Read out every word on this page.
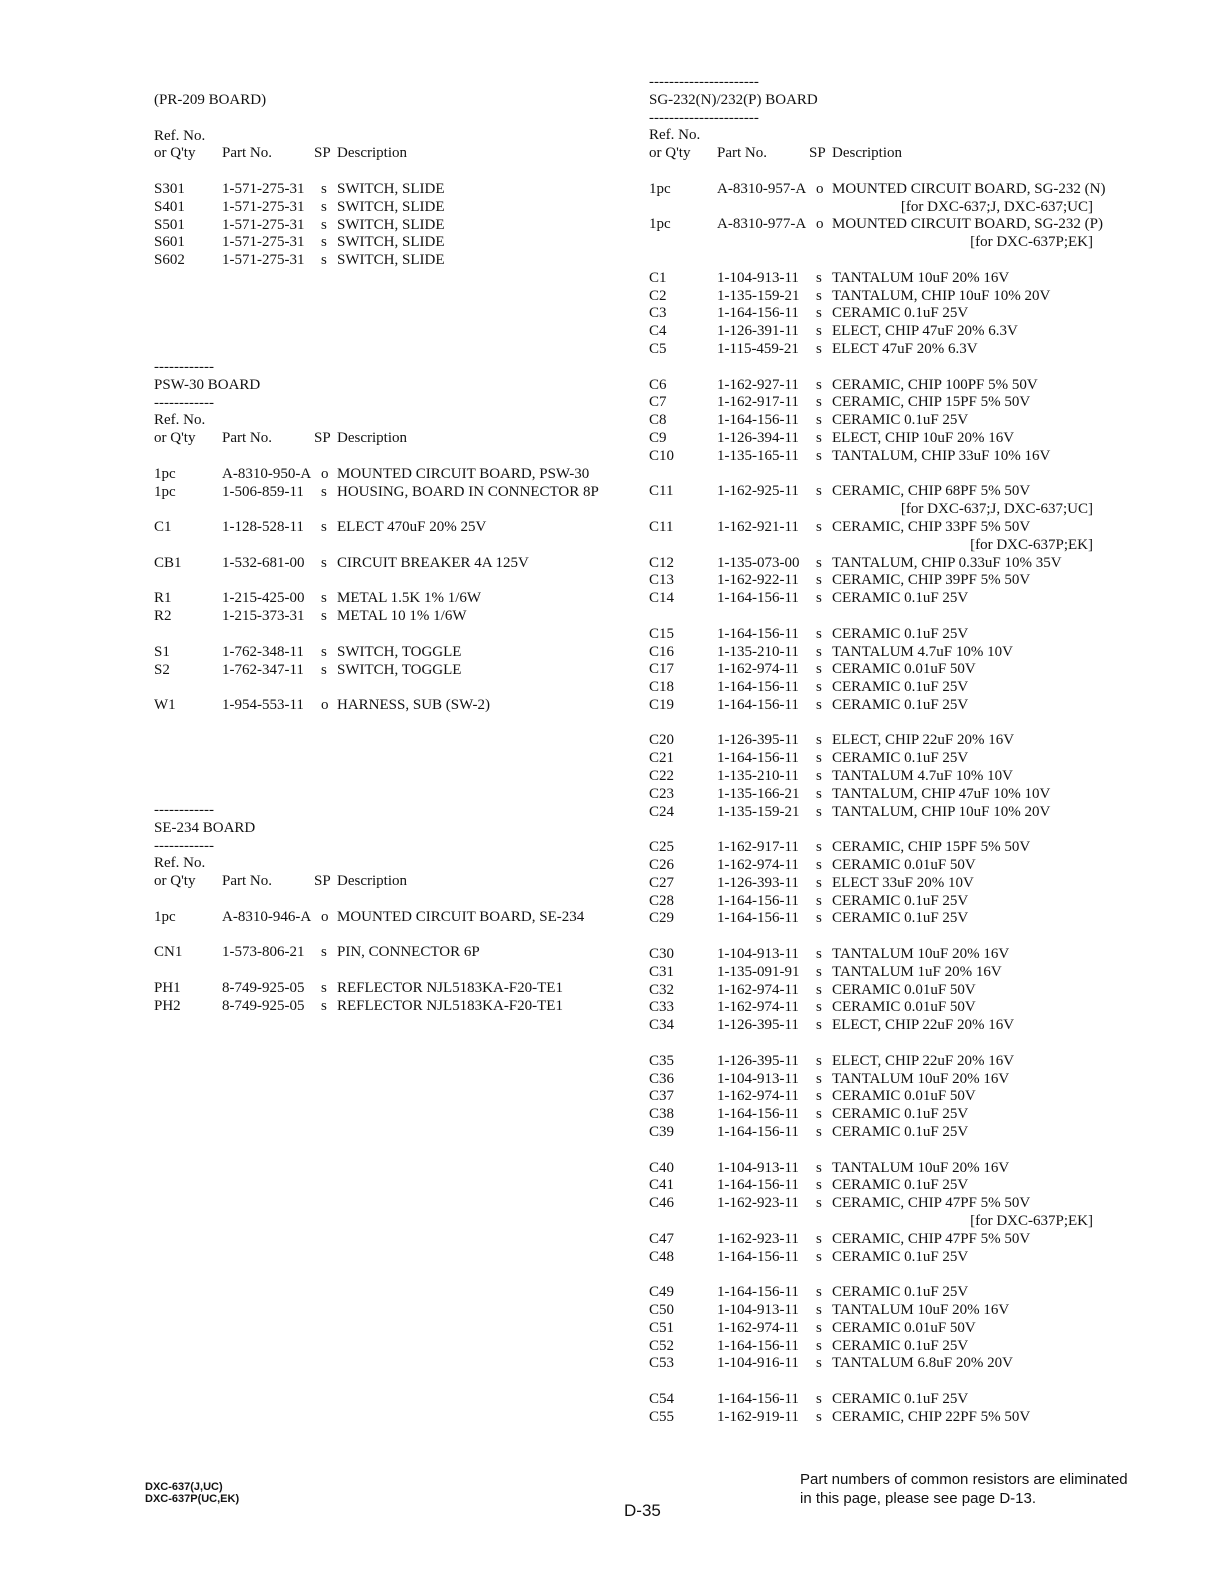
(PR-209 BOARD)
Ref. No.
or Q'ty Part No.	SP Description
S301 1-571-275-31 s SWITCH, SLIDE
S401 1-571-275-31 s SWITCH, SLIDE
S501 1-571-275-31 s SWITCH, SLIDE
S601 1-571-275-31 s SWITCH, SLIDE
S602 1-571-275-31 s SWITCH, SLIDE
------------
PSW-30 BOARD
------------
Ref. No.
or Q'ty Part No.	SP Description
1pc	A-8310-950-A o MOUNTED CIRCUIT BOARD, PSW-30
1pc	1-506-859-11 s HOUSING, BOARD IN CONNECTOR 8P
C1	1-128-528-11 s ELECT 470uF 20% 25V
CB1	1-532-681-00 s CIRCUIT BREAKER 4A 125V
R1	1-215-425-00 s METAL 1.5K 1% 1/6W
R2	1-215-373-31 s METAL 10 1% 1/6W
S1	1-762-348-11 s SWITCH, TOGGLE
S2	1-762-347-11 s SWITCH, TOGGLE
W1	1-954-553-11 o HARNESS, SUB (SW-2)
------------
SE-234 BOARD
------------
Ref. No.
or Q'ty Part No.	SP Description
1pc	A-8310-946-A o MOUNTED CIRCUIT BOARD, SE-234
CN1	1-573-806-21 s PIN, CONNECTOR 6P
PH1	8-749-925-05 s REFLECTOR NJL5183KA-F20-TE1
PH2	8-749-925-05 s REFLECTOR NJL5183KA-F20-TE1
----------------------
SG-232(N)/232(P) BOARD
----------------------
Ref. No.
or Q'ty Part No.	SP Description
1pc	A-8310-957-A o MOUNTED CIRCUIT BOARD, SG-232 (N)
[for DXC-637;J, DXC-637;UC]
1pc	A-8310-977-A o MOUNTED CIRCUIT BOARD, SG-232 (P)
[for DXC-637P;EK]
C1	1-104-913-11 s TANTALUM 10uF 20% 16V
C2	1-135-159-21 s TANTALUM, CHIP 10uF 10% 20V
C3	1-164-156-11 s CERAMIC 0.1uF 25V
C4	1-126-391-11 s ELECT, CHIP 47uF 20% 6.3V
C5	1-115-459-21 s ELECT 47uF 20% 6.3V
C6	1-162-927-11 s CERAMIC, CHIP 100PF 5% 50V
C7	1-162-917-11 s CERAMIC, CHIP 15PF 5% 50V
C8	1-164-156-11 s CERAMIC 0.1uF 25V
C9	1-126-394-11 s ELECT, CHIP 10uF 20% 16V
C10	1-135-165-11 s TANTALUM, CHIP 33uF 10% 16V
C11	1-162-925-11 s CERAMIC, CHIP 68PF 5% 50V
[for DXC-637;J, DXC-637;UC]
C11	1-162-921-11 s CERAMIC, CHIP 33PF 5% 50V
[for DXC-637P;EK]
C12	1-135-073-00 s TANTALUM, CHIP 0.33uF 10% 35V
C13	1-162-922-11 s CERAMIC, CHIP 39PF 5% 50V
C14	1-164-156-11 s CERAMIC 0.1uF 25V
C15	1-164-156-11 s CERAMIC 0.1uF 25V
C16	1-135-210-11 s TANTALUM 4.7uF 10% 10V
C17	1-162-974-11 s CERAMIC 0.01uF 50V
C18	1-164-156-11 s CERAMIC 0.1uF 25V
C19	1-164-156-11 s CERAMIC 0.1uF 25V
C20	1-126-395-11 s ELECT, CHIP 22uF 20% 16V
C21	1-164-156-11 s CERAMIC 0.1uF 25V
C22	1-135-210-11 s TANTALUM 4.7uF 10% 10V
C23	1-135-166-21 s TANTALUM, CHIP 47uF 10% 10V
C24	1-135-159-21 s TANTALUM, CHIP 10uF 10% 20V
C25	1-162-917-11 s CERAMIC, CHIP 15PF 5% 50V
C26	1-162-974-11 s CERAMIC 0.01uF 50V
C27	1-126-393-11 s ELECT 33uF 20% 10V
C28	1-164-156-11 s CERAMIC 0.1uF 25V
C29	1-164-156-11 s CERAMIC 0.1uF 25V
C30	1-104-913-11 s TANTALUM 10uF 20% 16V
C31	1-135-091-91 s TANTALUM 1uF 20% 16V
C32	1-162-974-11 s CERAMIC 0.01uF 50V
C33	1-162-974-11 s CERAMIC 0.01uF 50V
C34	1-126-395-11 s ELECT, CHIP 22uF 20% 16V
C35	1-126-395-11 s ELECT, CHIP 22uF 20% 16V
C36	1-104-913-11 s TANTALUM 10uF 20% 16V
C37	1-162-974-11 s CERAMIC 0.01uF 50V
C38	1-164-156-11 s CERAMIC 0.1uF 25V
C39	1-164-156-11 s CERAMIC 0.1uF 25V
C40	1-104-913-11 s TANTALUM 10uF 20% 16V
C41	1-164-156-11 s CERAMIC 0.1uF 25V
C46	1-162-923-11 s CERAMIC, CHIP 47PF 5% 50V
[for DXC-637P;EK]
C47	1-162-923-11 s CERAMIC, CHIP 47PF 5% 50V
C48	1-164-156-11 s CERAMIC 0.1uF 25V
C49	1-164-156-11 s CERAMIC 0.1uF 25V
C50	1-104-913-11 s TANTALUM 10uF 20% 16V
C51	1-162-974-11 s CERAMIC 0.01uF 50V
C52	1-164-156-11 s CERAMIC 0.1uF 25V
C53	1-104-916-11 s TANTALUM 6.8uF 20% 20V
C54	1-164-156-11 s CERAMIC 0.1uF 25V
C55	1-162-919-11 s CERAMIC, CHIP 22PF 5% 50V
DXC-637(J,UC)
DXC-637P(UC,EK)
D-35
Part numbers of common resistors are eliminated
in this page, please see page D-13.
